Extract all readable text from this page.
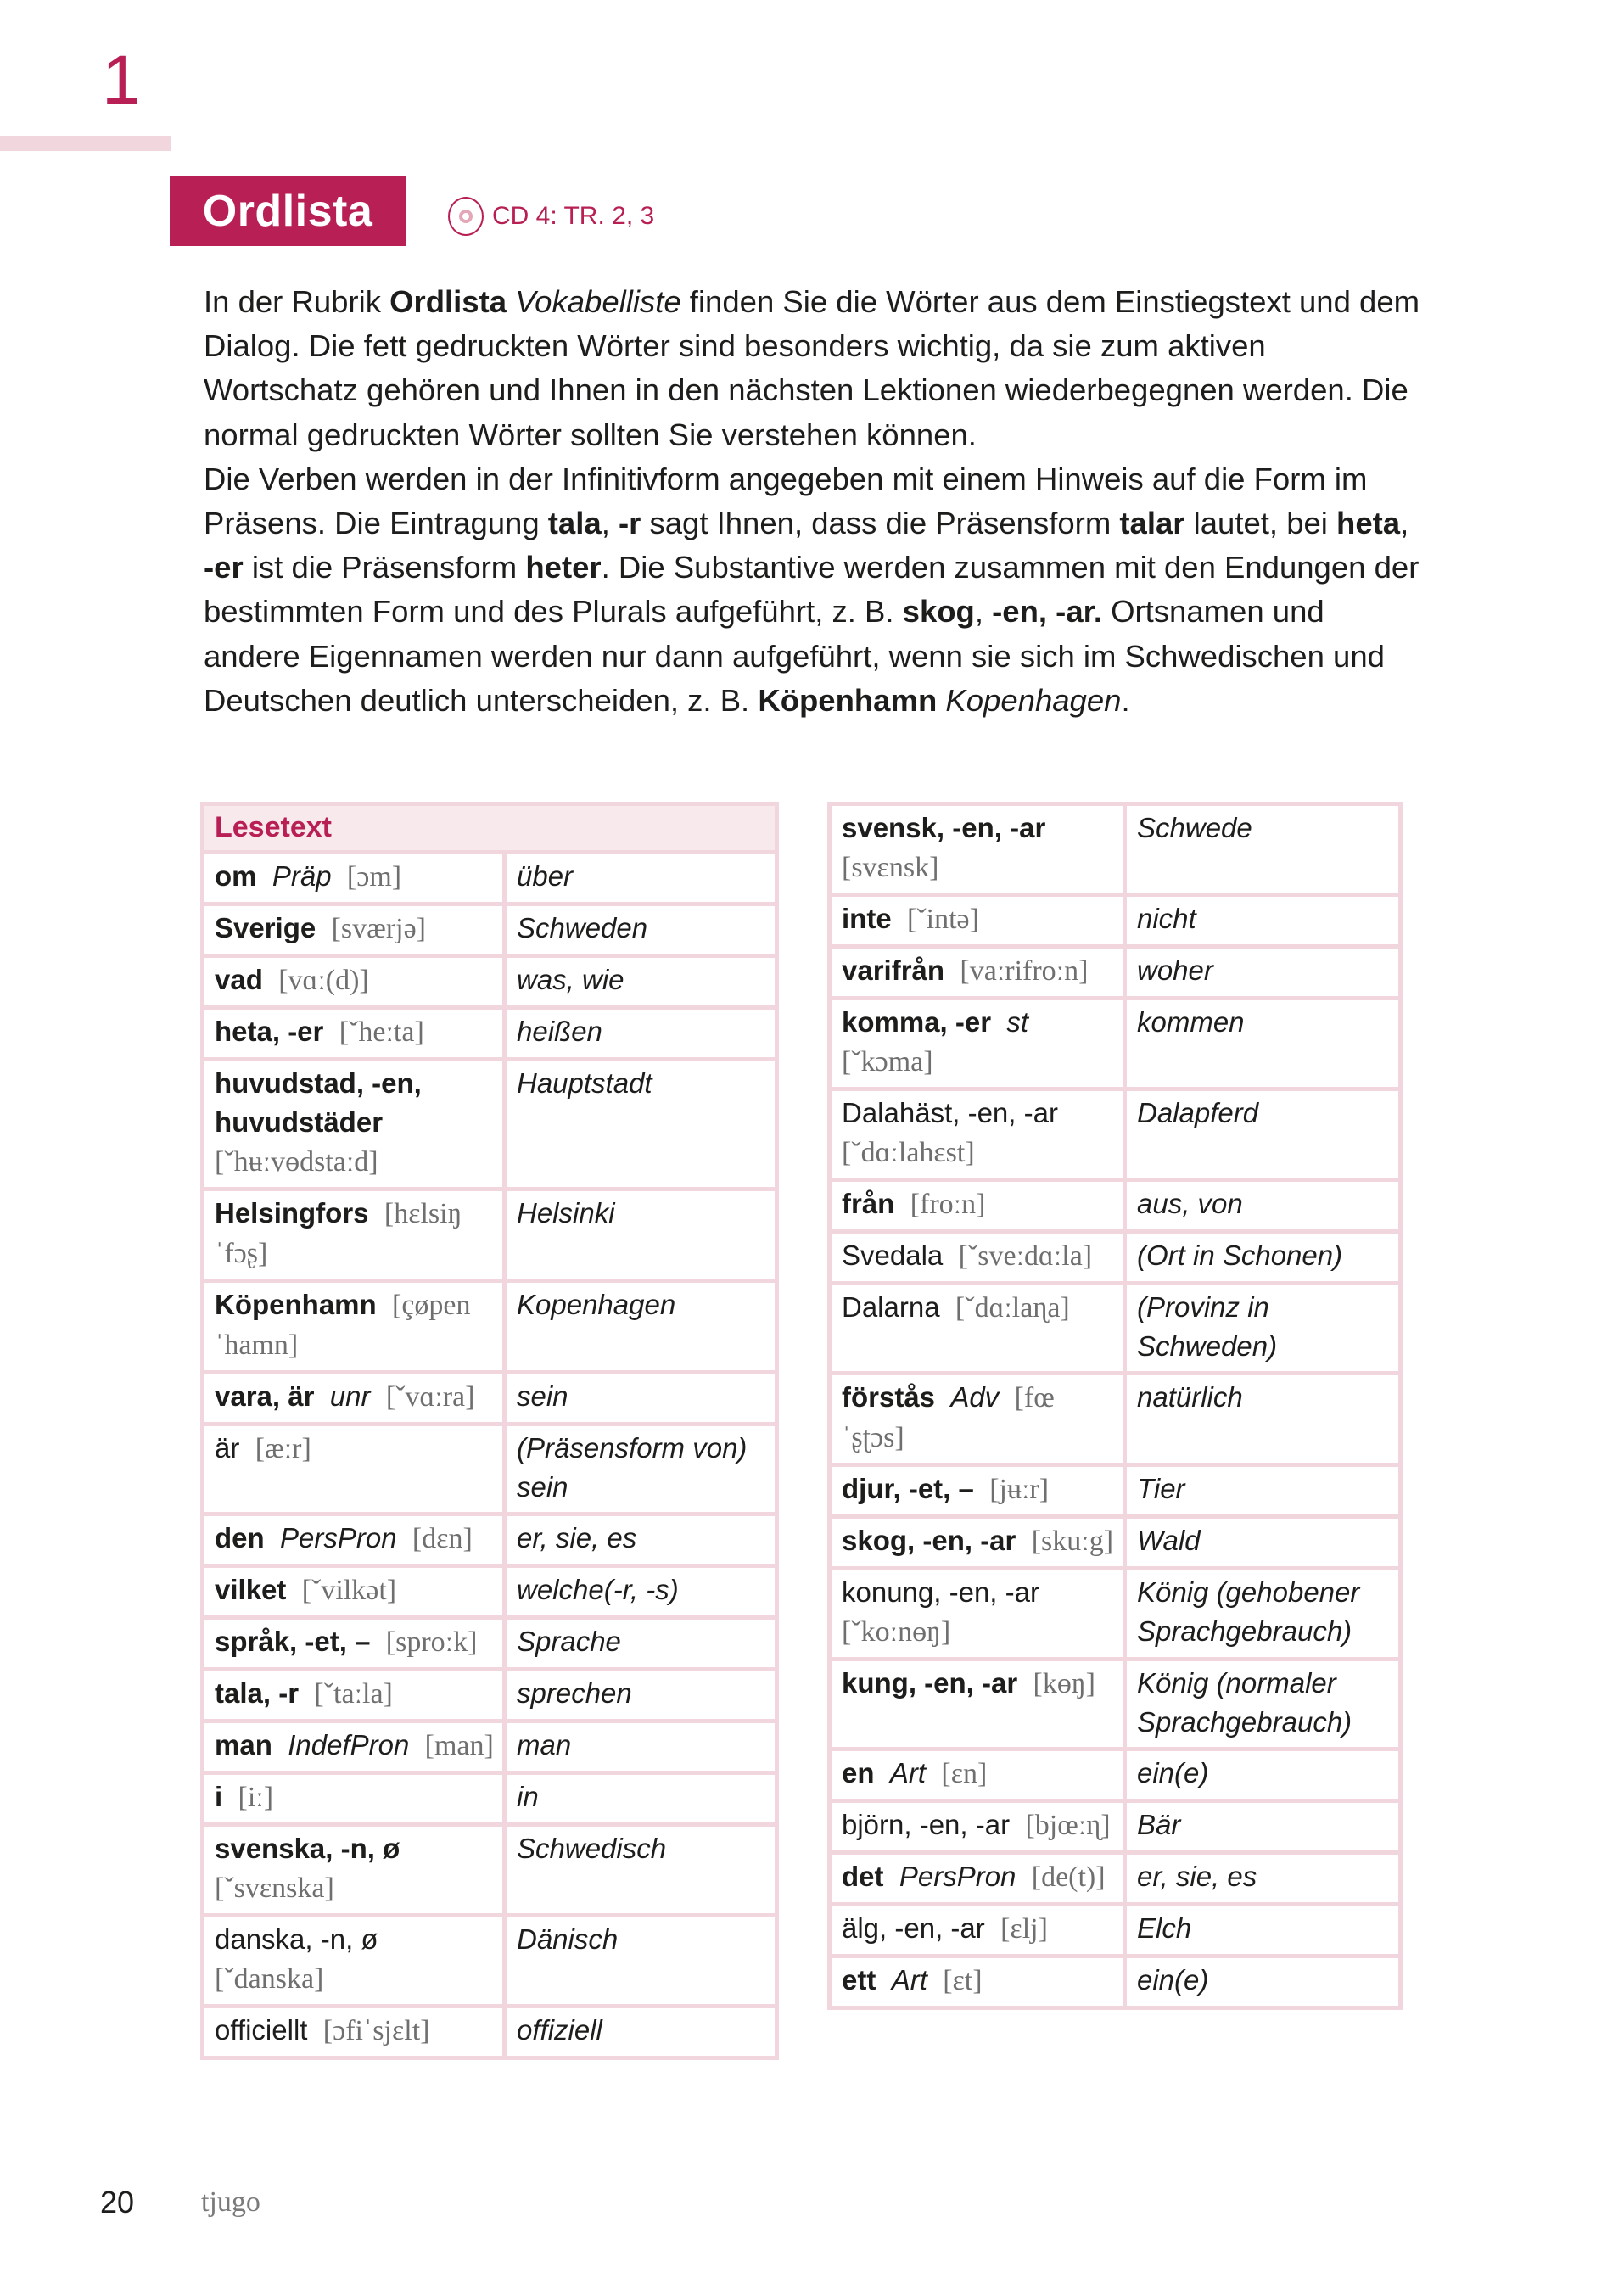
1
Ordlista	CD 4: TR. 2, 3

In der Rubrik Ordlista Vokabelliste finden Sie die Wörter aus dem Einstiegstext und dem Dialog. Die fett gedruckten Wörter sind besonders wichtig, da sie zum aktiven Wortschatz gehören und Ihnen in den nächsten Lektionen wiederbegegnen werden. Die normal gedruckten Wörter sollten Sie verstehen können.

Die Verben werden in der Infinitivform angegeben mit einem Hinweis auf die Form im Präsens. Die Eintragung tala, -r sagt Ihnen, dass die Präsensform talar lautet, bei heta, -er ist die Präsensform heter. Die Substantive werden zusammen mit den Endungen der bestimmten Form und des Plurals aufgeführt, z. B. skog, -en, -ar. Ortsnamen und andere Eigennamen werden nur dann aufgeführt, wenn sie sich im Schwedischen und Deutschen deutlich unterscheiden, z. B. Köpenhamn Kopenhagen.

Lesetext	
om Präp [ɔm]	über
Sverige [sværjə]	Schweden
vad [vɑː(d)]	was, wie
heta, -er [ˇheːta]	heißen
huvudstad, -en, huvudstäder  [ˇhʉːvɵdstaːd]	Hauptstadt
Helsingfors [hɛlsiŋˈfɔʂ]	Helsinki
Köpenhamn [çøpenˈhamn]	Kopenhagen
vara, är unr [ˇvɑːra]	sein
är [æːr]	(Präsensform von) sein
den PersPron [dɛn]	er, sie, es
vilket [ˇvilkət]	welche(-r, -s)
språk, -et, – [sproːk]	Sprache
tala, -r [ˇtaːla]	sprechen
man IndefPron [man]	man
i [iː]	in
svenska, -n, ø  [ˇsvɛnska]	Schwedisch
danska, -n, ø  [ˇdanska]	Dänisch
officiellt [ɔfiˈsjɛlt]	offiziell
svensk, -en, -ar  [svɛnsk]	Schwede
inte [ˇintə]	nicht
varifrån [vaːrifroːn]	woher
komma, -er st  [ˇkɔma]	kommen
Dalahäst, -en, -ar  [ˇdɑːlahɛst]	Dalapferd
från [froːn]	aus, von
Svedala [ˇsveːdɑːla]	(Ort in Schonen)
Dalarna [ˇdɑːlaɳa]	(Provinz in Schweden)
förstås Adv [fœˈʂʈɔs]	natürlich
djur, -et, – [jʉːr]	Tier
skog, -en, -ar [skuːg]	Wald
konung, -en, -ar  [ˇkoːnɵŋ]	König (gehobener Sprachgebrauch)
kung, -en, -ar [kɵŋ]	König (normaler Sprachgebrauch)
en Art [ɛn]	ein(e)
björn, -en, -ar [bjœːɳ]	Bär
det PersPron [de(t)]	er, sie, es
älg, -en, -ar [ɛlj]	Elch
ett Art [ɛt]	ein(e)
20 tjugo
